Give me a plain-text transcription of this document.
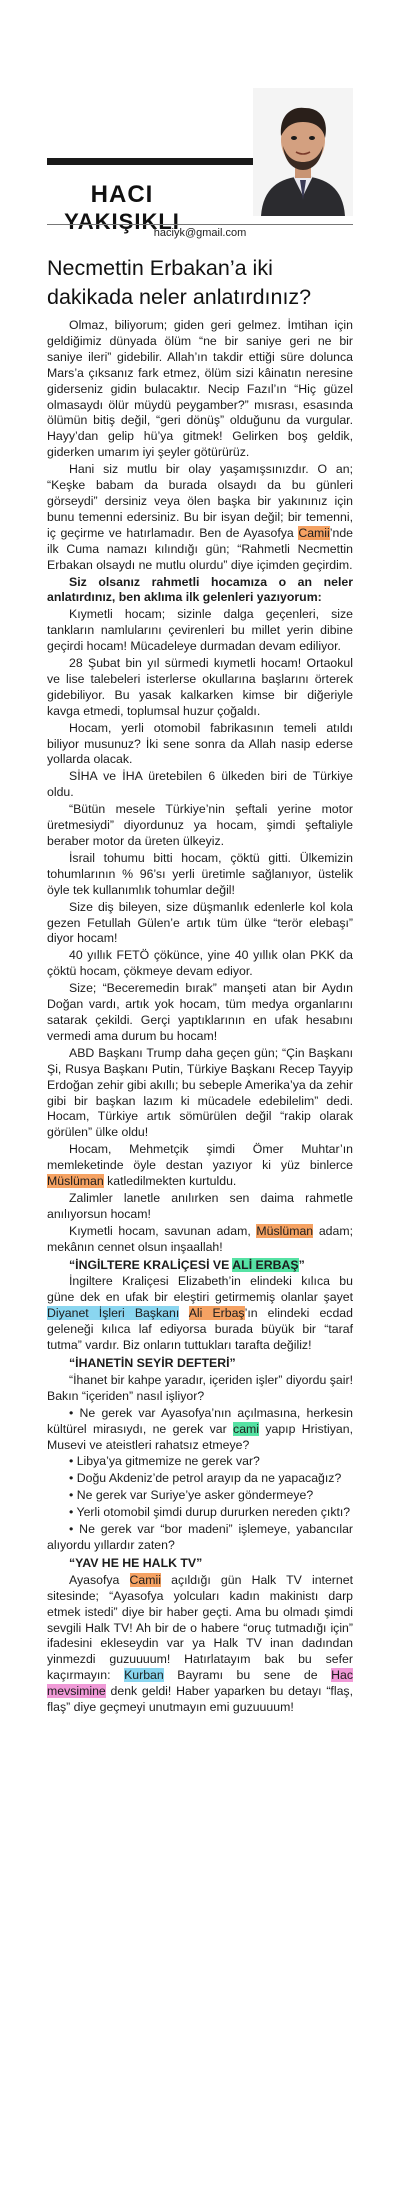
HACI
YAKIŞIKLI
haciyk@gmail.com
Necmettin Erbakan’a iki dakikada neler anlatırdınız?

Olmaz, biliyorum; giden geri gelmez. İmtihan için geldiğimiz dünyada ölüm “ne bir saniye geri ne bir saniye ileri” gidebilir. Allah’ın takdir ettiği süre dolunca Mars’a çıksanız fark etmez, ölüm sizi kâinatın neresine giderseniz gidin bulacaktır. Necip Fazıl’ın “Hiç güzel olmasaydı ölür müydü peygamber?” mısrası, esasında ölümün bitiş değil, “geri dönüş” olduğunu da vurgular. Hayy’dan gelip hü’ya gitmek! Gelirken boş geldik, giderken umarım iyi şeyler götürürüz.

Hani siz mutlu bir olay yaşamışsınızdır. O an; “Keşke babam da burada olsaydı da bu günleri görseydi” dersiniz veya ölen başka bir yakınınız için bunu temenni edersiniz. Bu bir isyan değil; bir temenni, iç geçirme ve hatırlamadır. Ben de Ayasofya Camii’nde ilk Cuma namazı kılındığı gün; “Rahmetli Necmettin Erbakan olsaydı ne mutlu olurdu” diye içimden geçirdim.

Siz olsanız rahmetli hocamıza o an neler anlatırdınız, ben aklıma ilk gelenleri yazıyorum:

Kıymetli hocam; sizinle dalga geçenleri, size tankların namlularını çevirenleri bu millet yerin dibine geçirdi hocam! Mücadeleye durmadan devam ediliyor.

28 Şubat bin yıl sürmedi kıymetli hocam! Ortaokul ve lise talebeleri isterlerse okullarına başlarını örterek gidebiliyor. Bu yasak kalkarken kimse bir diğeriyle kavga etmedi, toplumsal huzur çoğaldı.

Hocam, yerli otomobil fabrikasının temeli atıldı biliyor musunuz? İki sene sonra da Allah nasip ederse yollarda olacak.

SİHA ve İHA üretebilen 6 ülkeden biri de Türkiye oldu.

“Bütün mesele Türkiye’nin şeftali yerine motor üretmesiydi” diyordunuz ya hocam, şimdi şeftaliyle beraber motor da üreten ülkeyiz.

İsrail tohumu bitti hocam, çöktü gitti. Ülkemizin tohumlarının % 96’sı yerli üretimle sağlanıyor, üstelik öyle tek kullanımlık tohumlar değil!

Size diş bileyen, size düşmanlık edenlerle kol kola gezen Fetullah Gülen’e artık tüm ülke “terör elebaşı” diyor hocam!

40 yıllık FETÖ çökünce, yine 40 yıllık olan PKK da çöktü hocam, çökmeye devam ediyor.

Size; “Beceremedin bırak” manşeti atan bir Aydın Doğan vardı, artık yok hocam, tüm medya organlarını satarak çekildi. Gerçi yaptıklarının en ufak hesabını vermedi ama durum bu hocam!

ABD Başkanı Trump daha geçen gün; “Çin Başkanı Şi, Rusya Başkanı Putin, Türkiye Başkanı Recep Tayyip Erdoğan zehir gibi akıllı; bu sebeple Amerika’ya da zehir gibi bir başkan lazım ki mücadele edebilelim” dedi. Hocam, Türkiye artık sömürülen değil “rakip olarak görülen” ülke oldu!

Hocam, Mehmetçik şimdi Ömer Muhtar’ın memleketinde öyle destan yazıyor ki yüz binlerce Müslüman katledilmekten kurtuldu.

Zalimler lanetle anılırken sen daima rahmetle anılıyorsun hocam!

Kıymetli hocam, savunan adam, Müslüman adam; mekânın cennet olsun inşaallah!

“İNGİLTERE KRALİÇESİ VE ALİ ERBAŞ”

İngiltere Kraliçesi Elizabeth’in elindeki kılıca bu güne dek en ufak bir eleştiri getirmemiş olanlar şayet Diyanet İşleri Başkanı Ali Erbaş’ın elindeki ecdad geleneği kılıca laf ediyorsa burada büyük bir “taraf tutma” vardır. Biz onların tuttukları tarafta değiliz!

“İHANETİN SEYİR DEFTERİ”

“İhanet bir kahpe yaradır, içeriden işler” diyordu şair! Bakın “içeriden” nasıl işliyor?

• Ne gerek var Ayasofya’nın açılmasına, herkesin kültürel mirasıydı, ne gerek var cami yapıp Hristiyan, Musevi ve ateistleri rahatsız etmeye?

• Libya’ya gitmemize ne gerek var?

• Doğu Akdeniz’de petrol arayıp da ne yapacağız?

• Ne gerek var Suriye’ye asker göndermeye?

• Yerli otomobil şimdi durup dururken nereden çıktı?

• Ne gerek var “bor madeni” işlemeye, yabancılar alıyordu yıllardır zaten?

“YAV HE HE HALK TV”

Ayasofya Camii açıldığı gün Halk TV internet sitesinde; “Ayasofya yolcuları kadın makinistı darp etmek istedi” diye bir haber geçti. Ama bu olmadı şimdi sevgili Halk TV! Ah bir de o habere “oruç tutmadığı için” ifadesini ekleseydin var ya Halk TV inan dadından yinmezdi guzuuuum! Hatırlatayım bak bu sefer kaçırmayın: Kurban Bayramı bu sene de Hac mevsimine denk geldi! Haber yaparken bu detayı “flaş, flaş” diye geçmeyi unutmayın emi guzuuuum!
